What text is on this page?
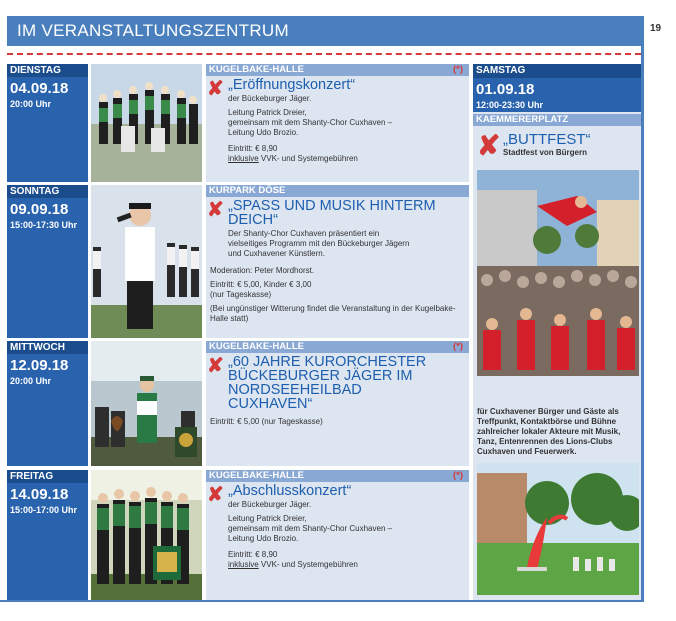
IM VERANSTALTUNGSZENTRUM	19
DIENSTAG
04.09.18
20:00 Uhr
KUGELBAKE-HALLE	(*)
✘ „Eröffnungskonzert“

der Bückeburger Jäger.

Leitung Patrick Dreier,
gemeinsam mit dem Shanty-Chor Cuxhaven –
Leitung Udo Brozio.

Eintritt: € 8,90

inklusive VVK- und Systemgebühren

SONNTAG
09.09.18
15:00-17:30 Uhr
KURPARK DÖSE
✘ „SPASS UND MUSIK HINTERM DEICH“

Der Shanty-Chor Cuxhaven präsentiert ein
vielseitiges Programm mit den Bückeburger Jägern
und Cuxhavener Künstlern.

Moderation: Peter Mordhorst.

Eintritt: € 5,00, Kinder € 3,00

(nur Tageskasse)

(Bei ungünstiger Witterung findet die Veranstaltung in der Kugelbake-Halle statt)

MITTWOCH
12.09.18
20:00 Uhr
KUGELBAKE-HALLE	(*)
✘ „60 JAHRE KURORCHESTER BÜCKEBURGER JÄGER IM NORDSEEHEILBAD CUXHAVEN“

Eintritt: € 5,00 (nur Tageskasse)

FREITAG
14.09.18
15:00-17:00 Uhr
KUGELBAKE-HALLE	(*)
✘ „Abschlusskonzert“

der Bückeburger Jäger.

Leitung Patrick Dreier,
gemeinsam mit dem Shanty-Chor Cuxhaven –
Leitung Udo Brozio.

Eintritt: € 8,90

inklusive VVK- und Systemgebühren

SAMSTAG
01.09.18
12:00-23:30 Uhr
KAEMMERERPLATZ
✘ „BUTTFEST“
Stadtfest von Bürgern
für Cuxhavener Bürger und Gäste als Treffpunkt, Kontaktbörse und Bühne zahlreicher lokaler Akteure mit Musik, Tanz, Entenrennen des Lions-Clubs Cuxhaven und Feuerwerk.
